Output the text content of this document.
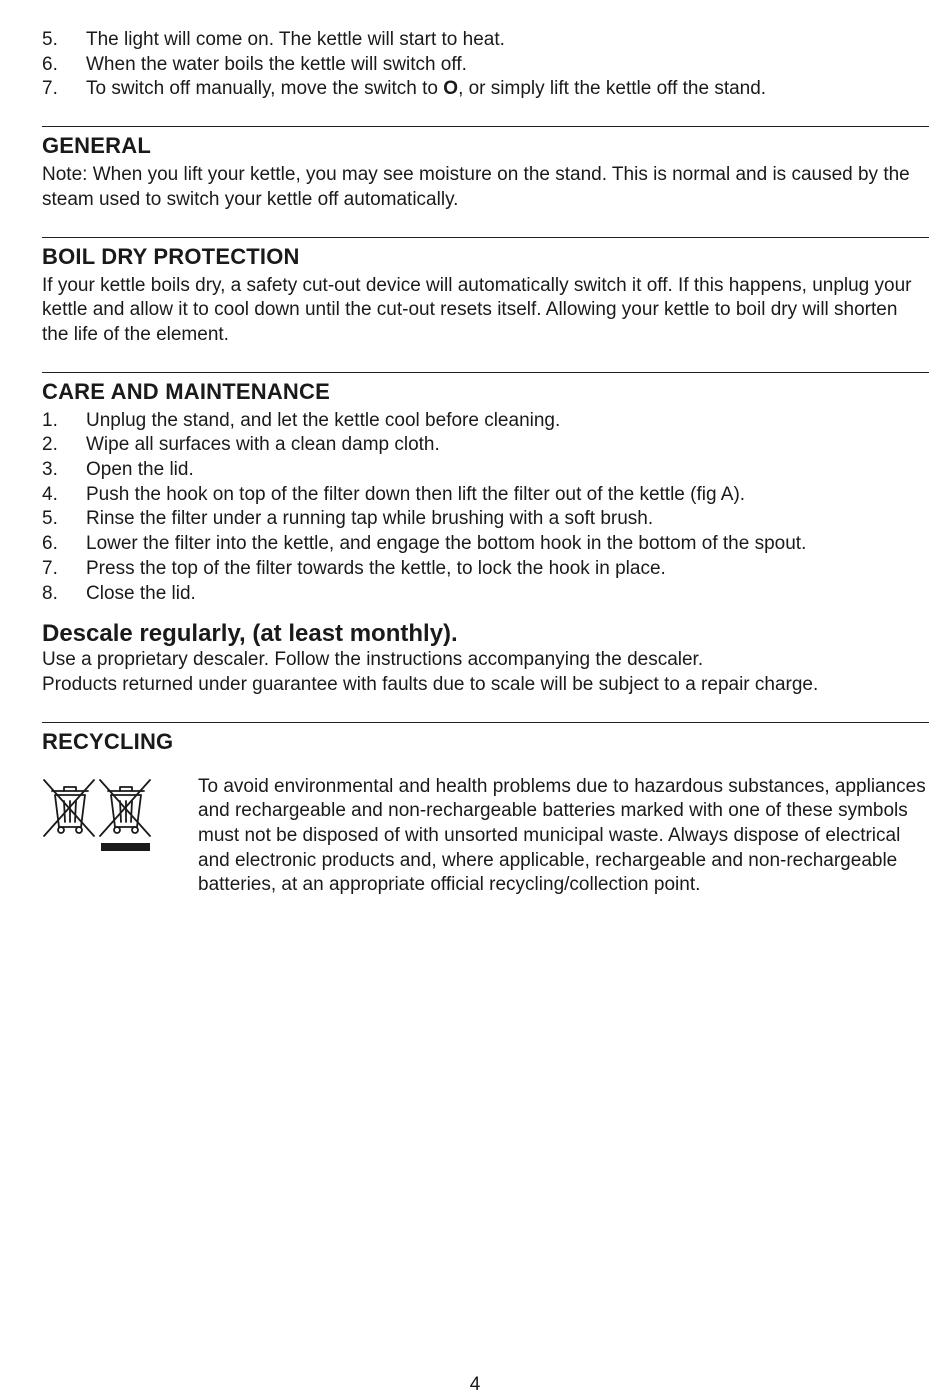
5.	The light will come on. The kettle will start to heat.
6.	When the water boils the kettle will switch off.
7.	To switch off manually, move the switch to O, or simply lift the kettle off the stand.
GENERAL

Note: When you lift your kettle, you may see moisture on the stand. This is normal and is caused by the steam used to switch your kettle off automatically.

BOIL DRY PROTECTION

If your kettle boils dry, a safety cut-out device will automatically switch it off. If this happens, unplug your kettle and allow it to cool down until the cut-out resets itself. Allowing your kettle to boil dry will shorten the life of the element.

CARE AND MAINTENANCE
1.	Unplug the stand, and let the kettle cool before cleaning.
2.	Wipe all surfaces with a clean damp cloth.
3.	Open the lid.
4.	Push the hook on top of the filter down then lift the filter out of the kettle (fig A).
5.	Rinse the filter under a running tap while brushing with a soft brush.
6.	Lower the filter into the kettle, and engage the bottom hook in the bottom of the spout.
7.	Press the top of the filter towards the kettle, to lock the hook in place.
8.	Close the lid.
Descale regularly, (at least monthly).

Use a proprietary descaler. Follow the instructions accompanying the descaler.

Products returned under guarantee with faults due to scale will be subject to a repair charge.

RECYCLING

To avoid environmental and health problems due to hazardous substances, appliances and rechargeable and non-rechargeable batteries marked with one of these symbols must not be disposed of with unsorted municipal waste. Always dispose of electrical and electronic products and, where applicable, rechargeable and non-rechargeable batteries, at an appropriate official recycling/collection point.

4
